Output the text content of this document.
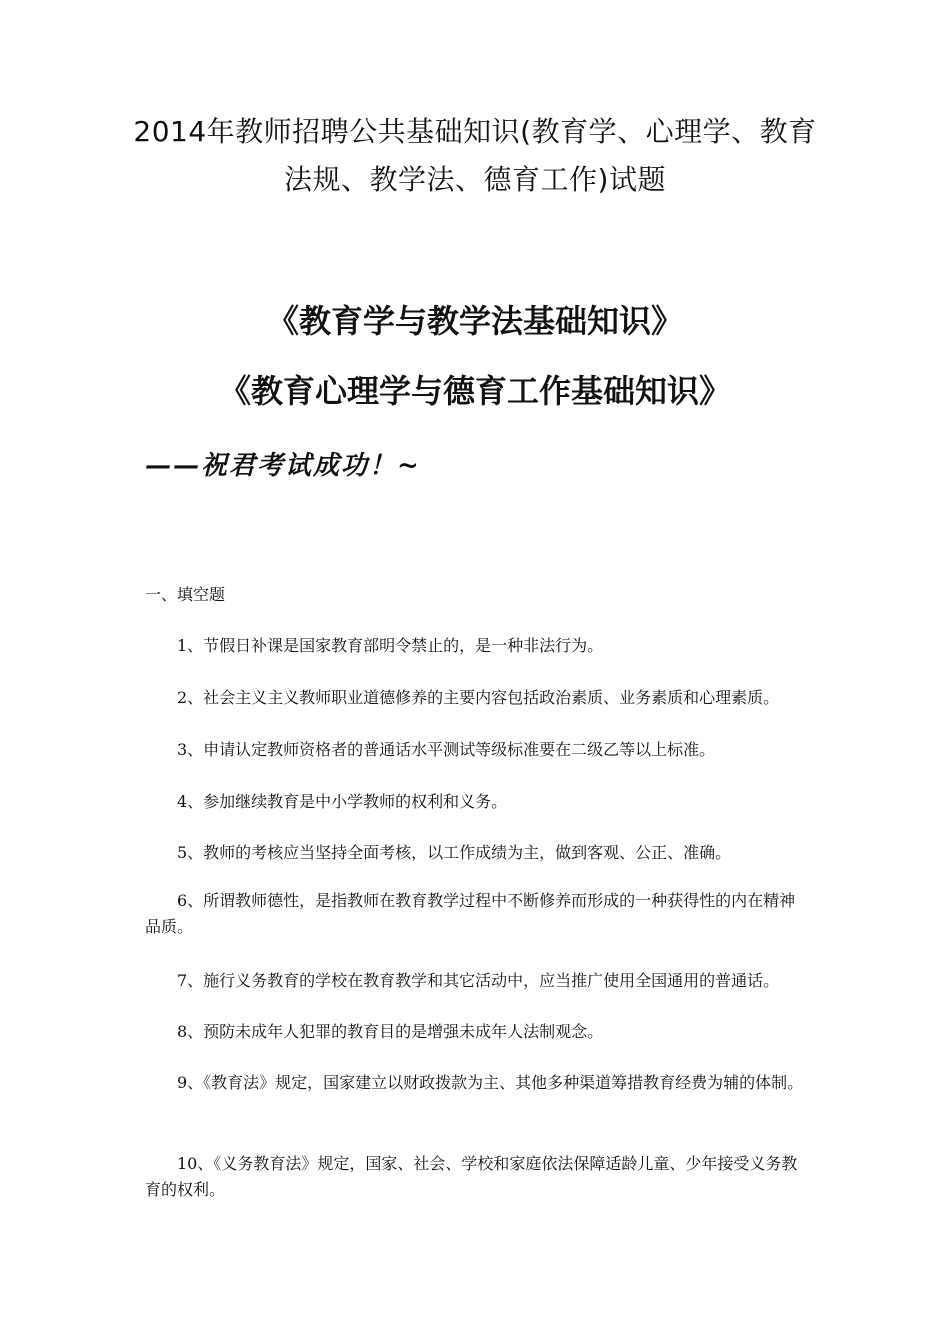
2014年教师招聘公共基础知识(教育学、心理学、教育法规、教学法、德育工作)试题
《教育学与教学法基础知识》
《教育心理学与德育工作基础知识》
——祝君考试成功！~
一、填空题

1、节假日补课是国家教育部明令禁止的，是一种非法行为。

2、社会主义主义教师职业道德修养的主要内容包括政治素质、业务素质和心理素质。

3、申请认定教师资格者的普通话水平测试等级标准要在二级乙等以上标准。

4、参加继续教育是中小学教师的权利和义务。

5、教师的考核应当坚持全面考核，以工作成绩为主，做到客观、公正、准确。

6、所谓教师德性，是指教师在教育教学过程中不断修养而形成的一种获得性的内在精神品质。

7、施行义务教育的学校在教育教学和其它活动中，应当推广使用全国通用的普通话。

8、预防未成年人犯罪的教育目的是增强未成年人法制观念。

9、《教育法》规定，国家建立以财政拨款为主、其他多种渠道筹措教育经费为辅的体制。

10、《义务教育法》规定，国家、社会、学校和家庭依法保障适龄儿童、少年接受义务教育的权利。
